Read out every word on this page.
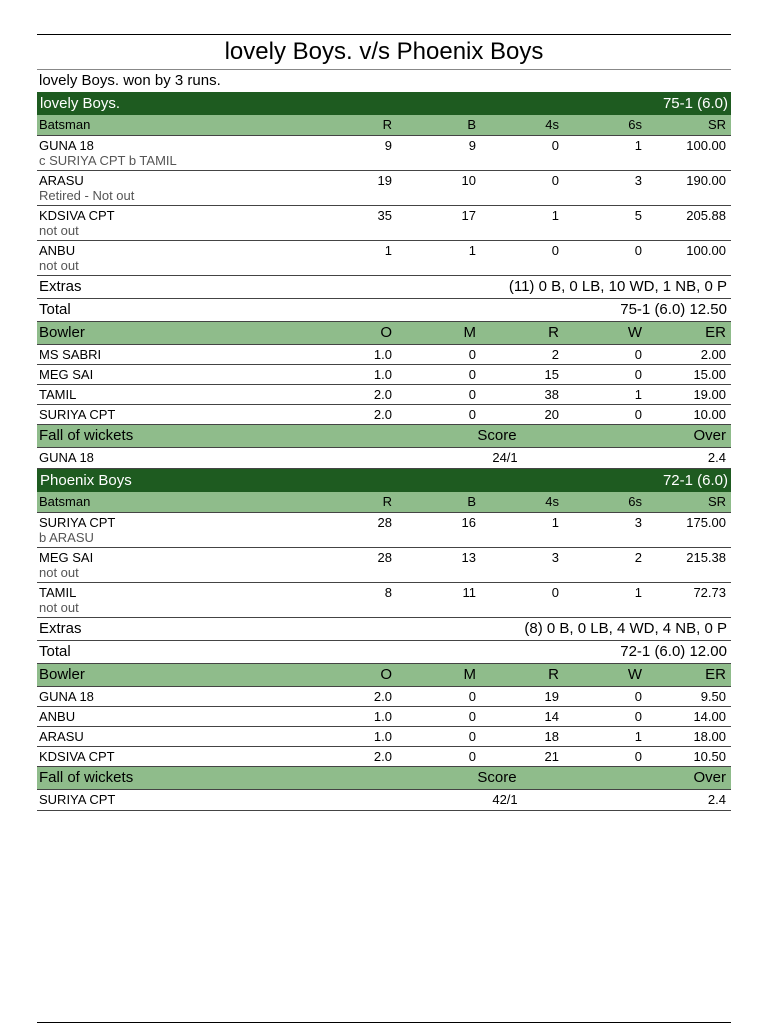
lovely Boys. v/s Phoenix Boys
lovely Boys. won by 3 runs.
lovely Boys.	75-1 (6.0)
Batsman	R	B	4s	6s	SR
GUNA 18
c SURIYA CPT b TAMIL
9	9	0	1	100.00
ARASU
Retired - Not out
19	10	0	3	190.00
KDSIVA CPT
not out
35	17	1	5	205.88
ANBU
not out
1	1	0	0	100.00
Extras	(11) 0 B, 0 LB, 10 WD, 1 NB, 0 P
Total	75-1 (6.0) 12.50
Bowler	O	M	R	W	ER
MS SABRI	1.0	0	2	0	2.00
MEG SAI	1.0	0	15	0	15.00
TAMIL	2.0	0	38	1	19.00
SURIYA CPT	2.0	0	20	0	10.00
Fall of wickets	Score	Over
GUNA 18	24/1	2.4
Phoenix Boys	72-1 (6.0)
Batsman	R	B	4s	6s	SR
SURIYA CPT
b ARASU
28	16	1	3	175.00
MEG SAI
not out
28	13	3	2	215.38
TAMIL
not out
8	11	0	1	72.73
Extras	(8) 0 B, 0 LB, 4 WD, 4 NB, 0 P
Total	72-1 (6.0) 12.00
Bowler	O	M	R	W	ER
GUNA 18	2.0	0	19	0	9.50
ANBU	1.0	0	14	0	14.00
ARASU	1.0	0	18	1	18.00
KDSIVA CPT	2.0	0	21	0	10.50
Fall of wickets	Score	Over
SURIYA CPT	42/1	2.4
